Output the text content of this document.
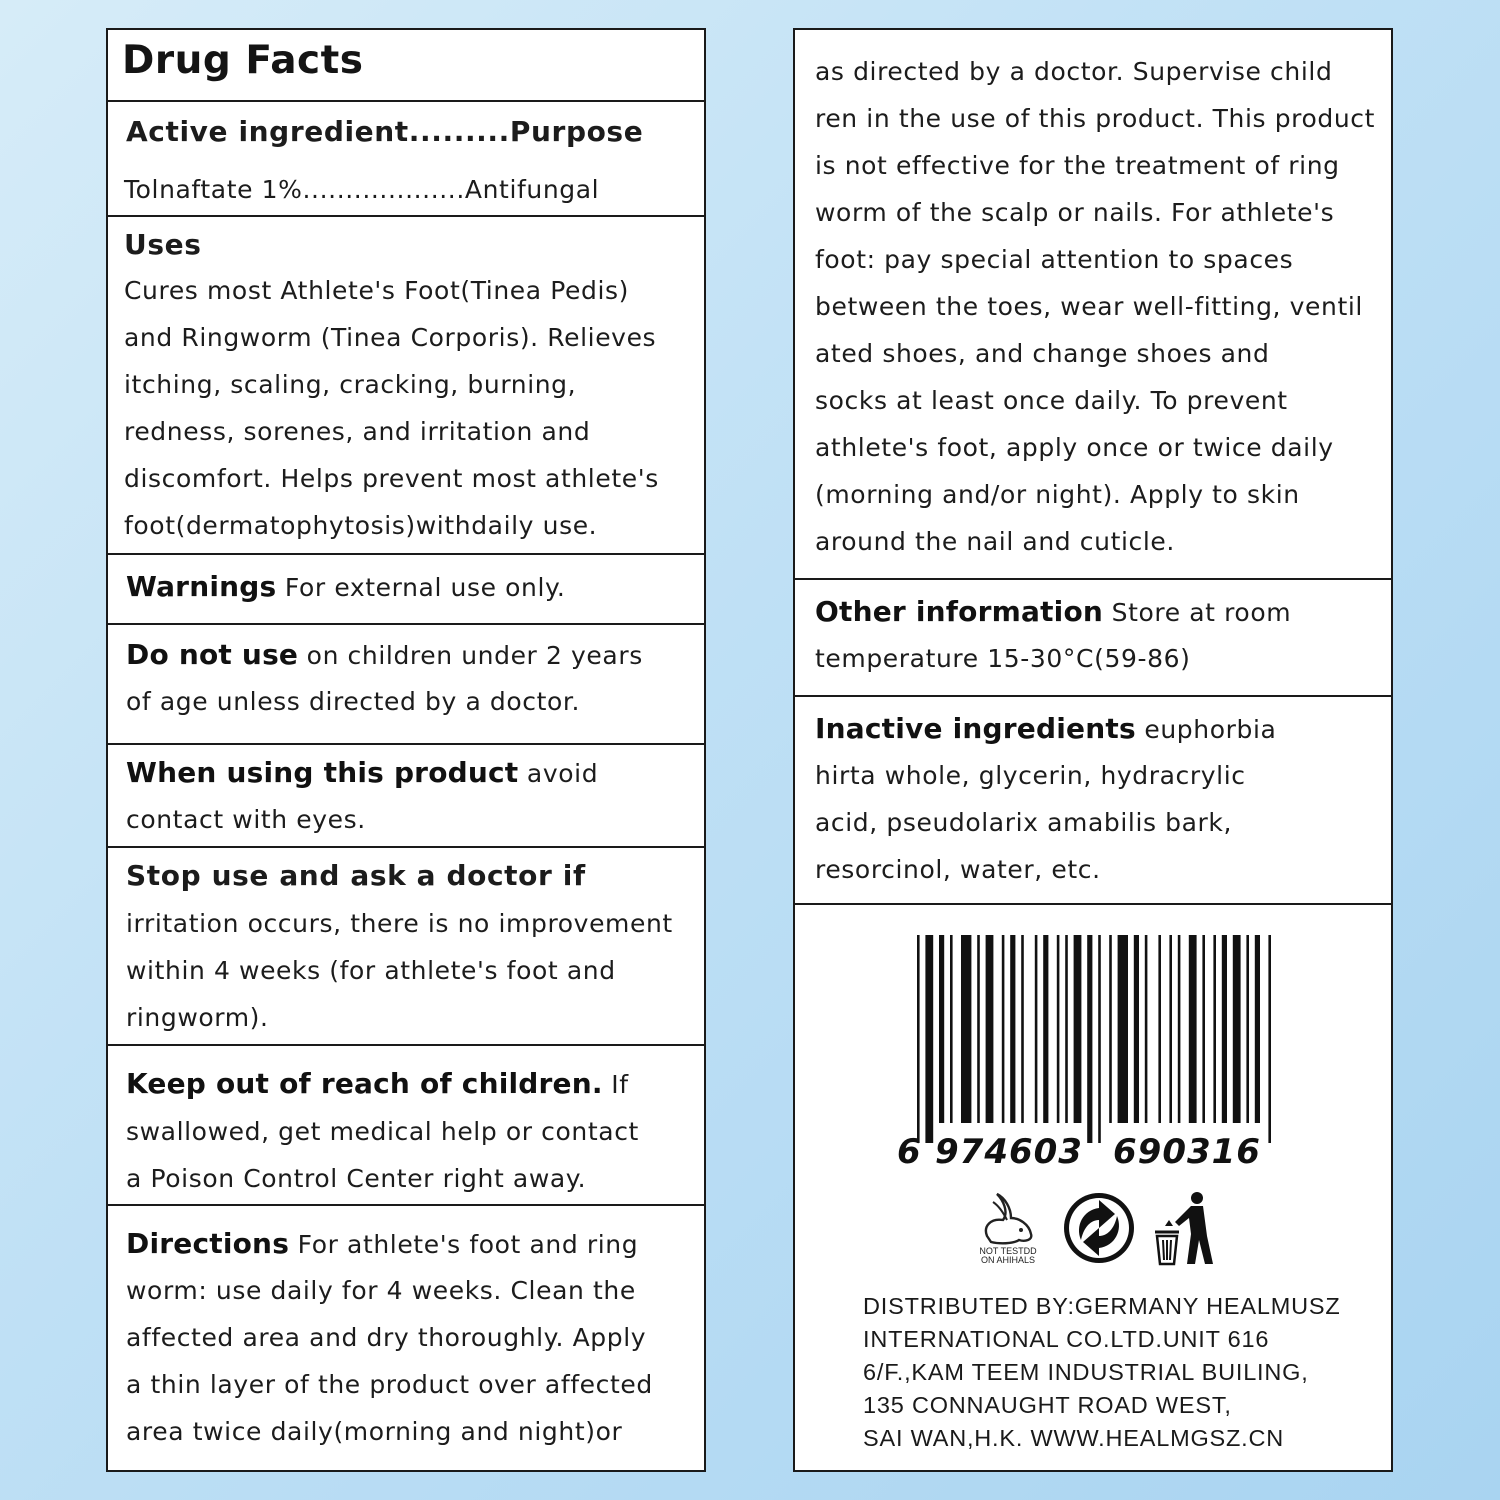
Drug Facts
Active ingredient.........Purpose
Tolnaftate 1%...................Antifungal
Uses
Cures most Athlete's Foot(Tinea Pedis)
and Ringworm (Tinea Corporis). Relieves
itching, scaling, cracking, burning,
redness, sorenes, and irritation and
discomfort. Helps prevent most athlete's
foot(dermatophytosis)withdaily use.
Warnings For external use only.
Do not use on children under 2 years
of age unless directed by a doctor.
When using this product avoid
contact with eyes.
Stop use and ask a doctor if
irritation occurs, there is no improvement
within 4 weeks (for athlete's foot and
ringworm).
Keep out of reach of children. If
swallowed, get medical help or contact
a Poison Control Center right away.
Directions For athlete's foot and ring
worm: use daily for 4 weeks. Clean the
affected area and dry thoroughly. Apply
a thin layer of the product over affected
area twice daily(morning and night)or
as directed by a doctor. Supervise child
ren in the use of this product. This product
is not effective for the treatment of ring
worm of the scalp or nails. For athlete's
foot: pay special attention to spaces
between the toes, wear well-fitting, ventil
ated shoes, and change shoes and
socks at least once daily. To prevent
athlete's foot, apply once or twice daily
(morning and/or night). Apply to skin
around the nail and cuticle.
Other information Store at room
temperature 15-30°C(59-86)
Inactive ingredients euphorbia
hirta whole, glycerin, hydracrylic
acid, pseudolarix amabilis bark,
resorcinol, water, etc.
6 974603 690316
NOT TESTDD
ON AHIHALS
DISTRIBUTED BY:GERMANY HEALMUSZ
INTERNATIONAL CO.LTD.UNIT 616
6/F.,KAM TEEM INDUSTRIAL BUILING,
135 CONNAUGHT ROAD WEST,
SAI WAN,H.K. WWW.HEALMGSZ.CN
